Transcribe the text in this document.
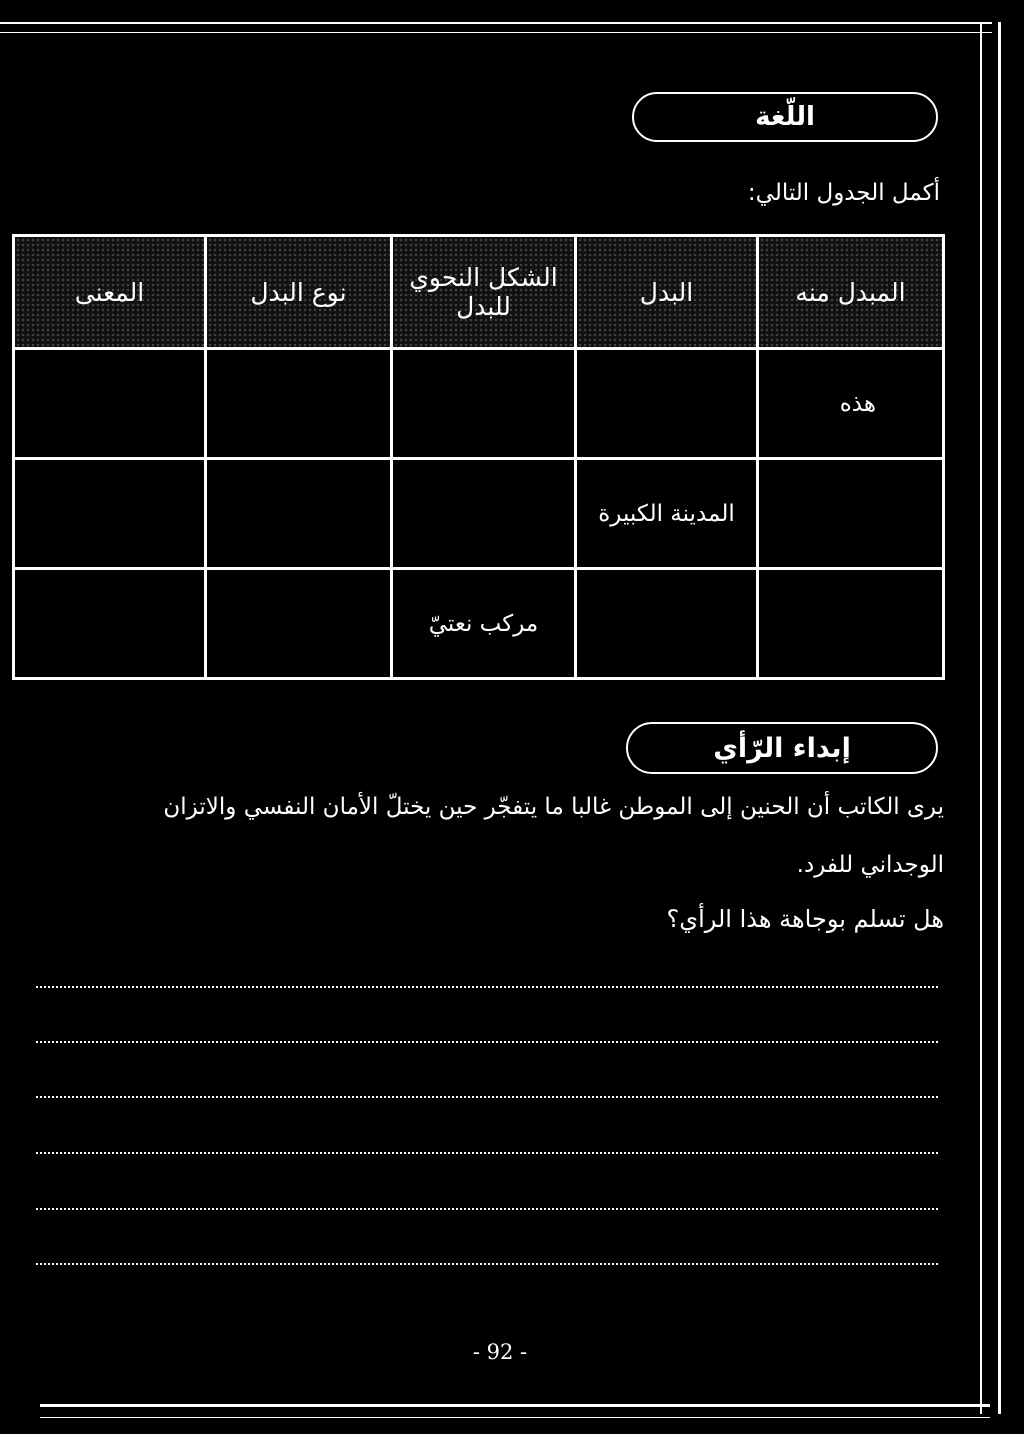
اللّغة
أكمل الجدول التالي:
المبدل منه	البدل	الشكل النحوي للبدل	نوع البدل	المعنى
هذه				
	المدينة الكبيرة			
		مركب نعتيّ		
إبداء الرّأي
يرى الكاتب أن الحنين إلى الموطن غالبا ما يتفجّر حين يختلّ الأمان النفسي والاتزان
الوجداني للفرد.
هل تسلم بوجاهة هذا الرأي؟
- 92 -
